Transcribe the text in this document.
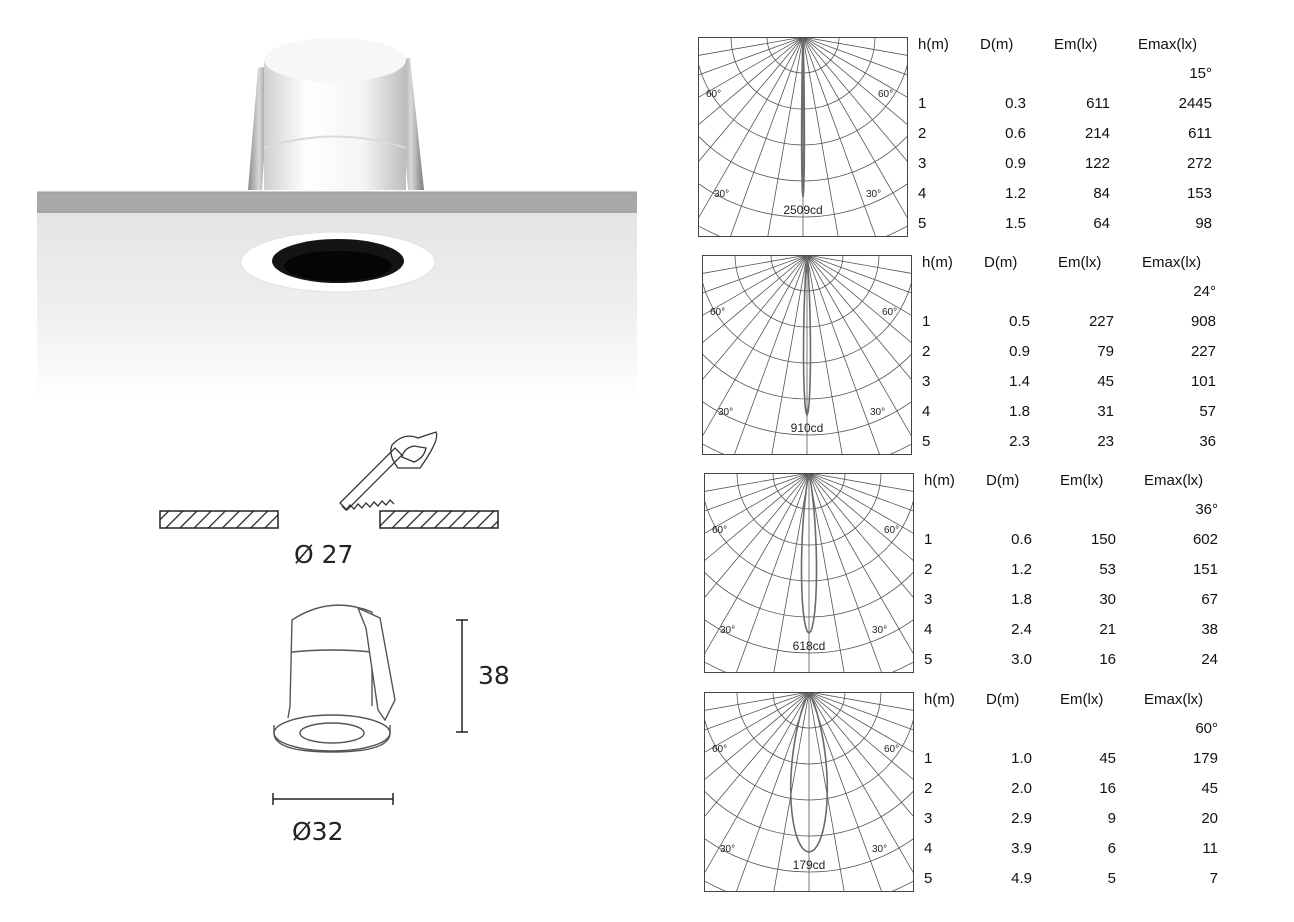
Ø 27
38
Ø32
60°	60°
30°	30°
2509cd
h(m) D(m)	Em(lx)	Emax(lx)
15°
1	0.3	611	2445
2	0.6	214	611
3	0.9	122	272
4	1.2	84	153
5	1.5	64	98
60°	60°
30°	30°
910cd
h(m) D(m)	Em(lx)	Emax(lx)
24°
1	0.5	227	908
2	0.9	79	227
3	1.4	45	101
4	1.8	31	57
5	2.3	23	36
60°	60°
30°	30°
618cd
h(m) D(m)	Em(lx)	Emax(lx)
36°
1	0.6	150	602
2	1.2	53	151
3	1.8	30	67
4	2.4	21	38
5	3.0	16	24
60°	60°
30°	30°
179cd
h(m) D(m)	Em(lx)	Emax(lx)
60°
1	1.0	45	179
2	2.0	16	45
3	2.9	9	20
4	3.9	6	11
5	4.9	5	7
